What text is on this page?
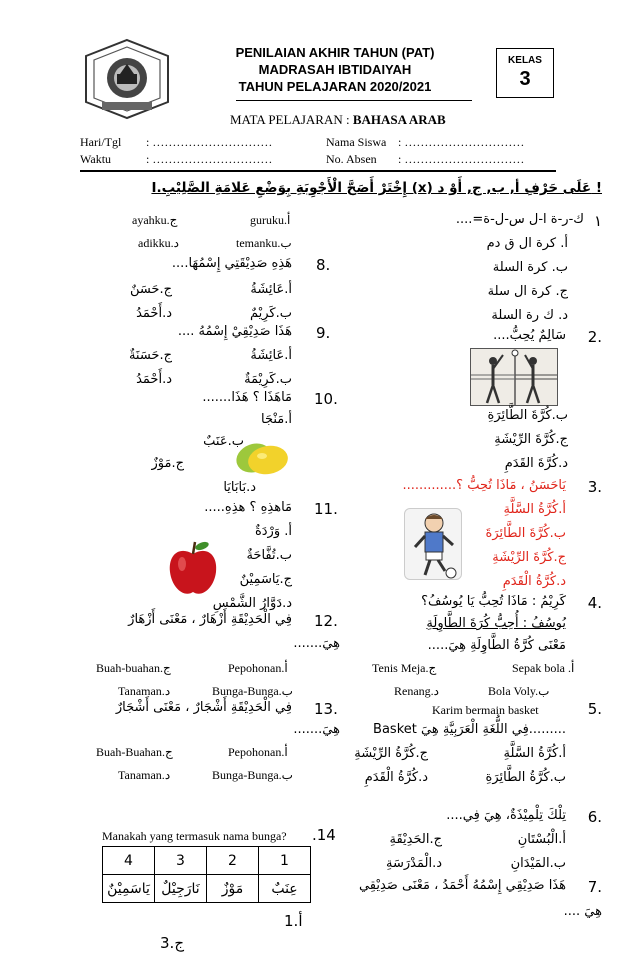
PENILAIAN AKHIR TAHUN (PAT)
MADRASAH IBTIDAIYAH
TAHUN PELAJARAN 2020/2021
KELAS
3
MATA PELAJARAN : BAHASA ARAB
Hari/Tgl : …………………………
Waktu	: …………………………
Nama Siswa : …………………………
No. Absen : …………………………
I.إِخْتَرْ أَصَحَّ الْأَجْوِبَةِ بِوَضْعِ عَلامَةِ الصَّلِيْبِ (x) عَلَى حَرْفِ أ, ب, ج, أَوْ د !
١
ك-ر-ة ا-ل س-ل-ة=....
أ. كرة ال ق دم
ب. كرة السلة
ج. كرة ال سلة
د. ك رة السلة
2.
سَالِمٌ يُحِبُّ....
ب.كُرَّةَ الطَّائِرَةِ
ج.كُرَّةَ الرِّيْشَةِ
د.كُرَّةَ القَدَمِ
3.
يَاحَسَنُ ، مَاذَا تُحِبُّ ؟.............
أ.كُرَّةُ السَّلَّةِ
ب.كُرَّةَ الطَّائِرَةَ
ج.كُرَّةَ الرِّيْشَةِ
د.كُرَّةُ الْقَدَمِ
4.
كَرِيْمُ : مَاذَا تُحِبُّ يَا يُوسُفُ؟
يُوسُفُ : أُحِبُّ كُرَةَ الطَّاوِلَةِ
مَعْنَى كُرَّةُ الطَّاوِلَةِ هِيَ.....
Sepak bola .أ
Tenis Meja.ج
Bola Voly.ب
Renang.د
5.
Karim bermain basket
Basket فِي اللُّغَةِ الْعَرَبِيَّةِ هِيَ.........
أ.كُرَّةُ السَّلَّةِ
ج.كُرَّةُ الرِّيْشَةِ
ب.كُرَّةُ الطَّائِرَةِ
د.كُرَّةُ الْقَدَمِ
6.
تِلْكَ تِلْمِيْذَةٌ، هِيَ فِي....
أ.الْبُسْتَانِ
ج.الحَدِيْقَةِ
ب.المَيْدَانِ
د.الْمَدْرَسَةِ
7.
هَذَا صَدِيْقِي إِسْمُهُ أَحْمَدُ ، مَعْنَى صَدِيْقِي
هِيَ ....
guruku.أ
ayahku.ج
temanku.ب
adikku.د
8.
هَذِهِ صَدِيْقَتِي إِسْمُهَا....
أ.عَائِشَةُ
ج.حَسَنٌ
ب.كَرِيْمٌ
د.أَحْمَدُ
9.
هَذَا صَدِيْقِيْ إِسْمُهُ ....
أ.عَائِشَةُ
ج.حَسَنَةٌ
ب.كَرِيْمَةٌ
د.أَحْمَدُ
10.
مَاهَذَا ؟ هَذَا.......
أ.مَنْجَا
ب.عَنَبٌ
ج.مَوْزٌ
د.بَابَايَا
11.
مَاهذِهِ ؟ هذِهِ.....
أ. وَرْدَةٌ
ب.تُفَّاحَةٌ
ج.يَاسَمِيْنٌ
د.دَوَّارُ الشَّمْسِ
12.
فِي الْحَدِيْقَةِ أَزْهَارٌ ، مَعْنَى أَزْهَارٌ
هِيَ.......
Pepohonan.أ
Buah-buahan.ج
Bunga-Bunga.ب
Tanaman.د
13.
فِي الْحَدِيْقَةِ أَشْجَارٌ ، مَعْنَى أَشْجَارٌ
هِيَ.......
Pepohonan.أ
Buah-Buahan.ج
Bunga-Bunga.ب
Tanaman.د
Manakah yang termasuk nama bunga? .14
4	3	2	1
يَاسَمِيْنٌ	نَارَجِيْلٌ	مَوْزٌ	عِنَبٌ
1.أ
3.ج
